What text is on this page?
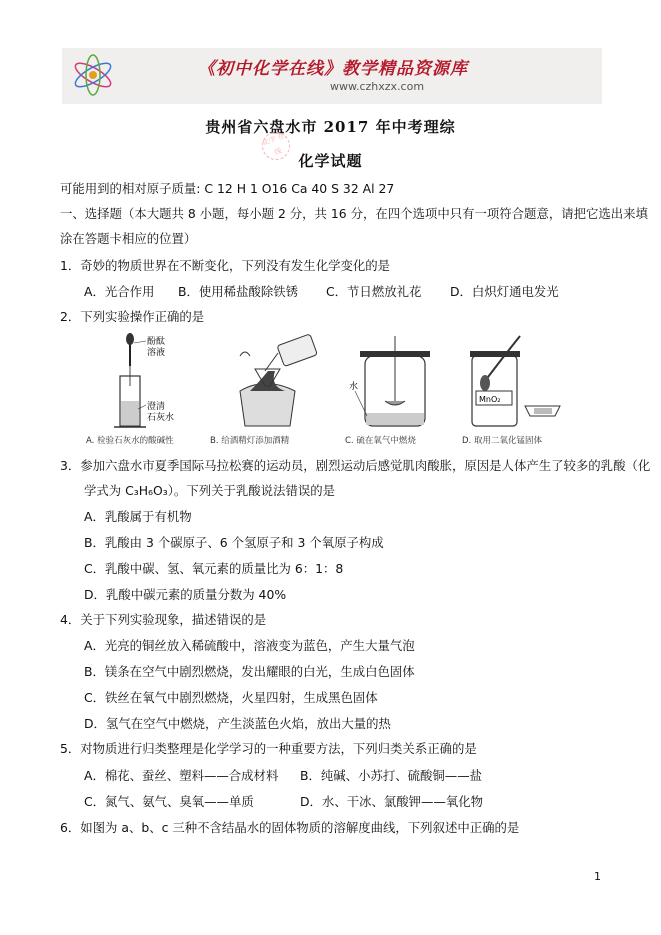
《初中化学在线》教学精品资源库
www.czhxzx.com
贵州省六盘水市 2017 年中考理综
化学 在线
化学试题
可能用到的相对原子质量: C 12 H 1 O16 Ca 40 S 32 Al 27
一、选择题（本大题共 8 小题，每小题 2 分，共 16 分，在四个选项中只有一项符合题意，请把它选出来填
涂在答题卡相应的位置）
1．奇妙的物质世界在不断变化，下列没有发生化学变化的是
A．光合作用 B．使用稀盐酸除铁锈 C．节日燃放礼花 D．白炽灯通电发光
2．下列实验操作正确的是
酚酞
溶液
澄清
石灰水
A. 检验石灰水的酸碱性	B. 给酒精灯添加酒精
水
C. 硫在氧气中燃烧
MnO₂
D. 取用二氧化锰固体
3．参加六盘水市夏季国际马拉松赛的运动员，剧烈运动后感觉肌肉酸胀，原因是人体产生了较多的乳酸（化
学式为 C₃H₆O₃）。下列关于乳酸说法错误的是
A．乳酸属于有机物
B．乳酸由 3 个碳原子、6 个氢原子和 3 个氧原子构成
C．乳酸中碳、氢、氧元素的质量比为 6：1：8
D．乳酸中碳元素的质量分数为 40%
4．关于下列实验现象，描述错误的是
A．光亮的铜丝放入稀硫酸中，溶液变为蓝色，产生大量气泡
B．镁条在空气中剧烈燃烧，发出耀眼的白光，生成白色固体
C．铁丝在氧气中剧烈燃烧，火星四射，生成黑色固体
D．氢气在空气中燃烧，产生淡蓝色火焰，放出大量的热
5．对物质进行归类整理是化学学习的一种重要方法，下列归类关系正确的是
A．棉花、蚕丝、塑料——合成材料 B．纯碱、小苏打、硫酸铜——盐
C．氮气、氨气、臭氧——单质	D．水、干冰、氯酸钾——氧化物
6．如图为 a、b、c 三种不含结晶水的固体物质的溶解度曲线，下列叙述中正确的是
1
